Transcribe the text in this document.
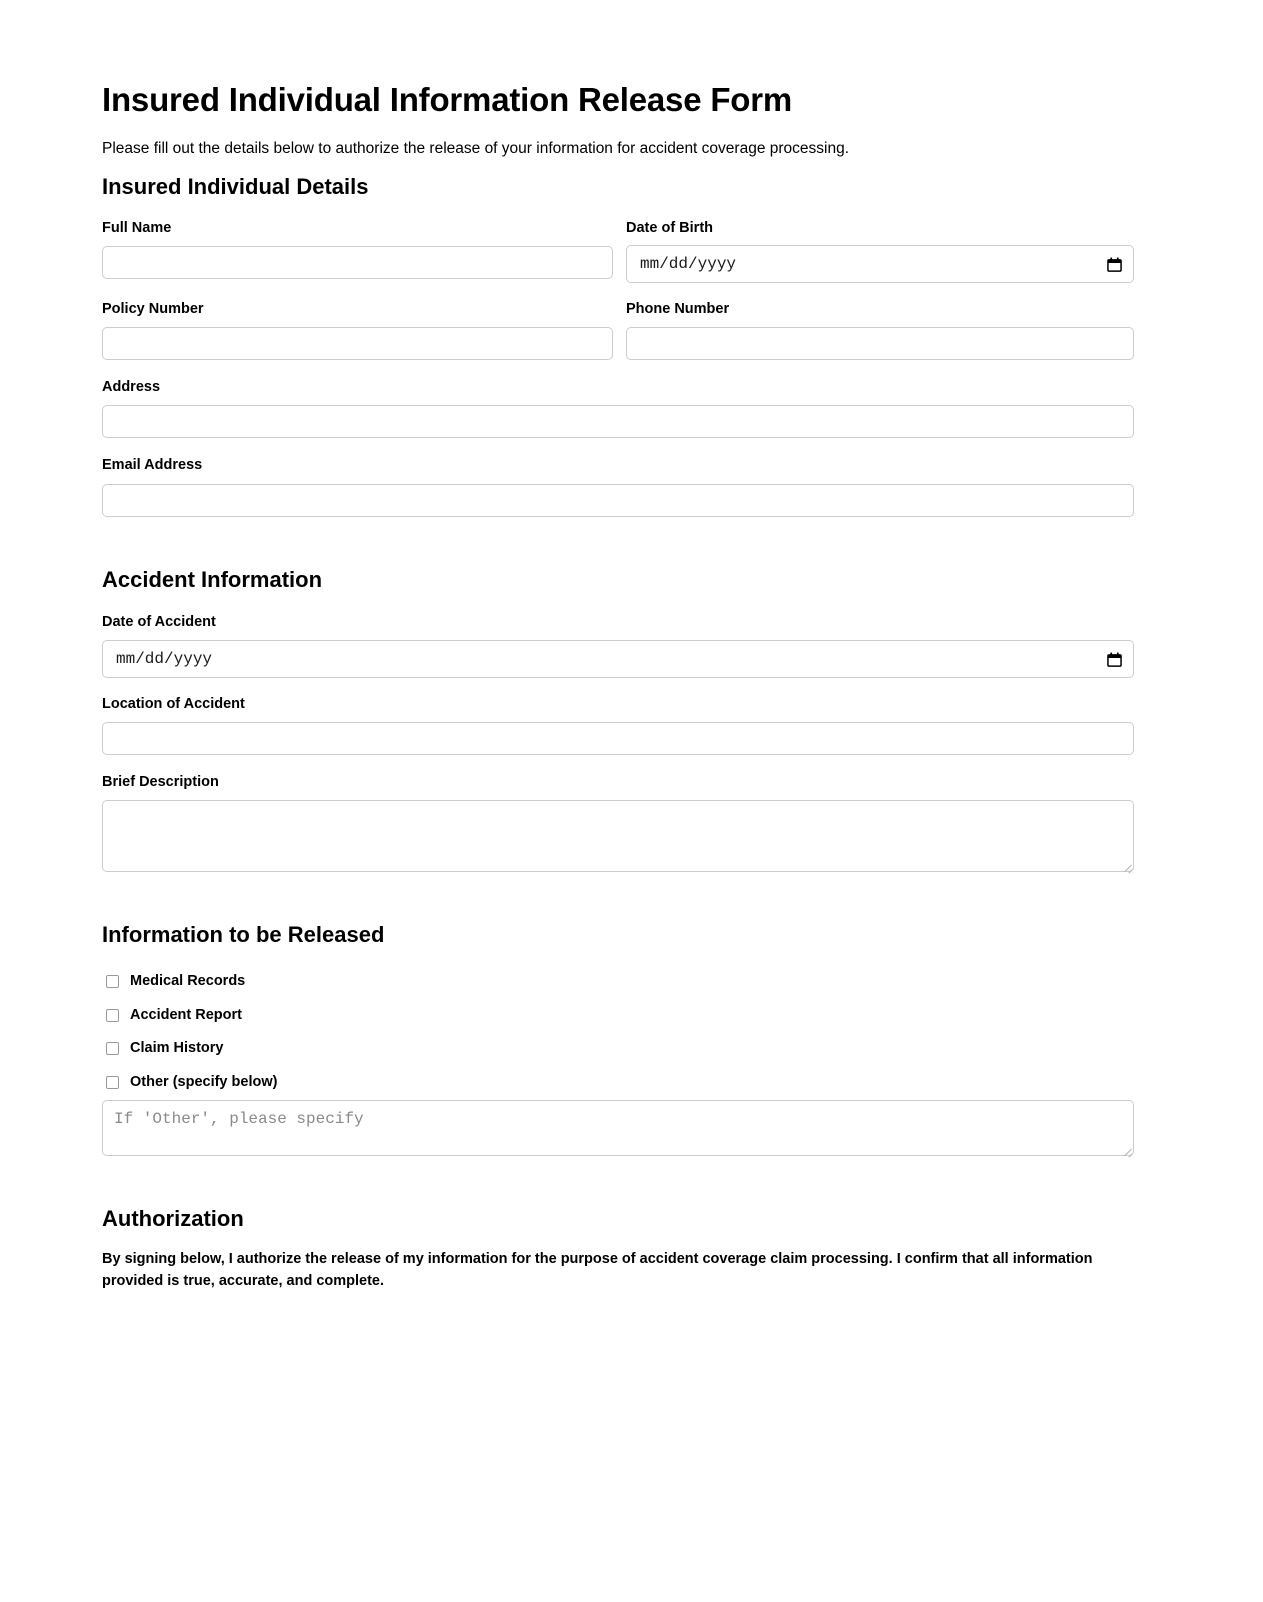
Insured Individual Information Release Form

Please fill out the details below to authorize the release of your information for accident coverage processing.

Insured Individual Details
Full Name	Date of Birth
mm/dd/yyyy
Policy Number	Phone Number
Address
Email Address
Accident Information
Date of Accident
mm/dd/yyyy
Location of Accident
Brief Description
Information to be Released
Medical Records
Accident Report
Claim History
Other (specify below)
If 'Other', please specify
Authorization

By signing below, I authorize the release of my information for the purpose of accident coverage claim processing. I confirm that all information provided is true, accurate, and complete.
